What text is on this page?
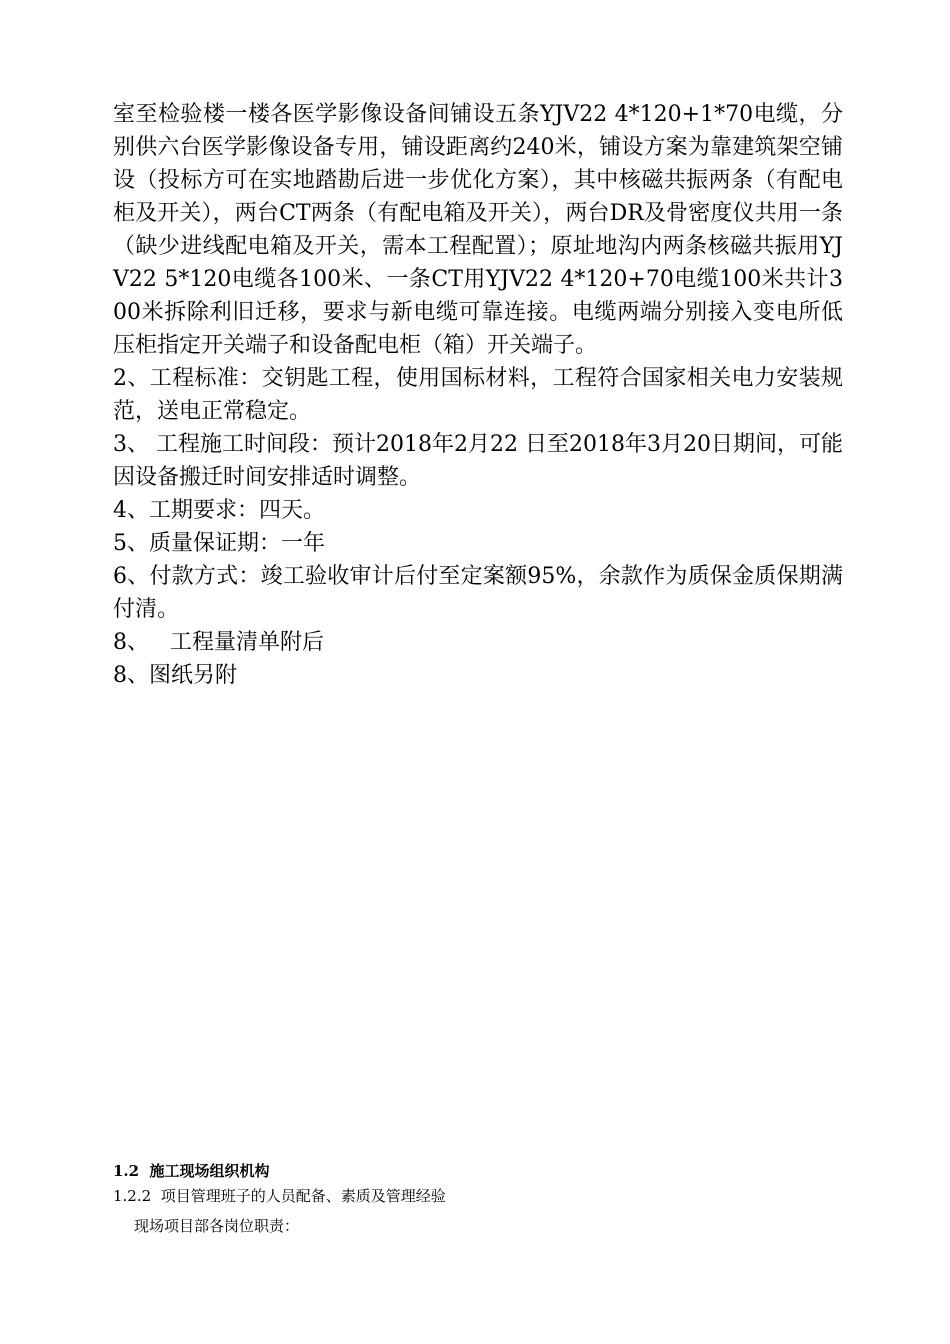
室至检验楼一楼各医学影像设备间铺设五条YJV22 4*120+1*70电缆，分别供六台医学影像设备专用，铺设距离约240米，铺设方案为靠建筑架空铺设（投标方可在实地踏勘后进一步优化方案），其中核磁共振两条（有配电柜及开关），两台CT两条（有配电箱及开关），两台DR及骨密度仪共用一条（缺少进线配电箱及开关，需本工程配置）；原址地沟内两条核磁共振用YJV22 5*120电缆各100米、一条CT用YJV22 4*120+70电缆100米共计300米拆除利旧迁移，要求与新电缆可靠连接。电缆两端分别接入变电所低压柜指定开关端子和设备配电柜（箱）开关端子。

2、工程标准：交钥匙工程，使用国标材料，工程符合国家相关电力安装规范，送电正常稳定。

3、 工程施工时间段：预计2018年2月22 日至2018年3月20日期间，可能因设备搬迁时间安排适时调整。

4、工期要求：四天。

5、质量保证期：一年

6、付款方式：竣工验收审计后付至定案额95%，余款作为质保金质保期满付清。

8、   工程量清单附后

8、图纸另附

1.2  施工现场组织机构
1.2.2  项目管理班子的人员配备、素质及管理经验
现场项目部各岗位职责：
